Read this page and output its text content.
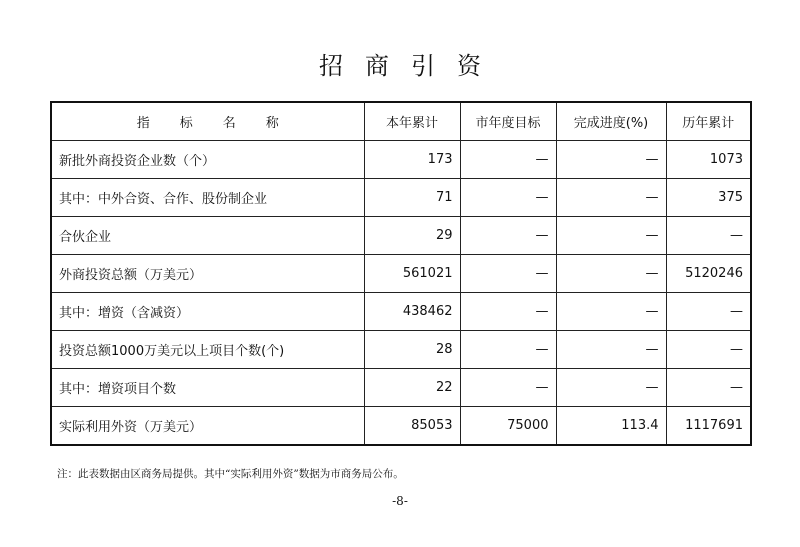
招商引资
指标名称	本年累计	市年度目标	完成进度(%)	历年累计
新批外商投资企业数（个）	173	—	—	1073
其中：中外合资、合作、股份制企业	71	—	—	375
合伙企业	29	—	—	—
外商投资总额（万美元）	561021	—	—	5120246
其中：增资（含减资）	438462	—	—	—
投资总额1000万美元以上项目个数(个)	28	—	—	—
其中：增资项目个数	22	—	—	—
实际利用外资（万美元）	85053	75000	113.4	1117691
注：此表数据由区商务局提供。其中“实际利用外资”数据为市商务局公布。
-8-
